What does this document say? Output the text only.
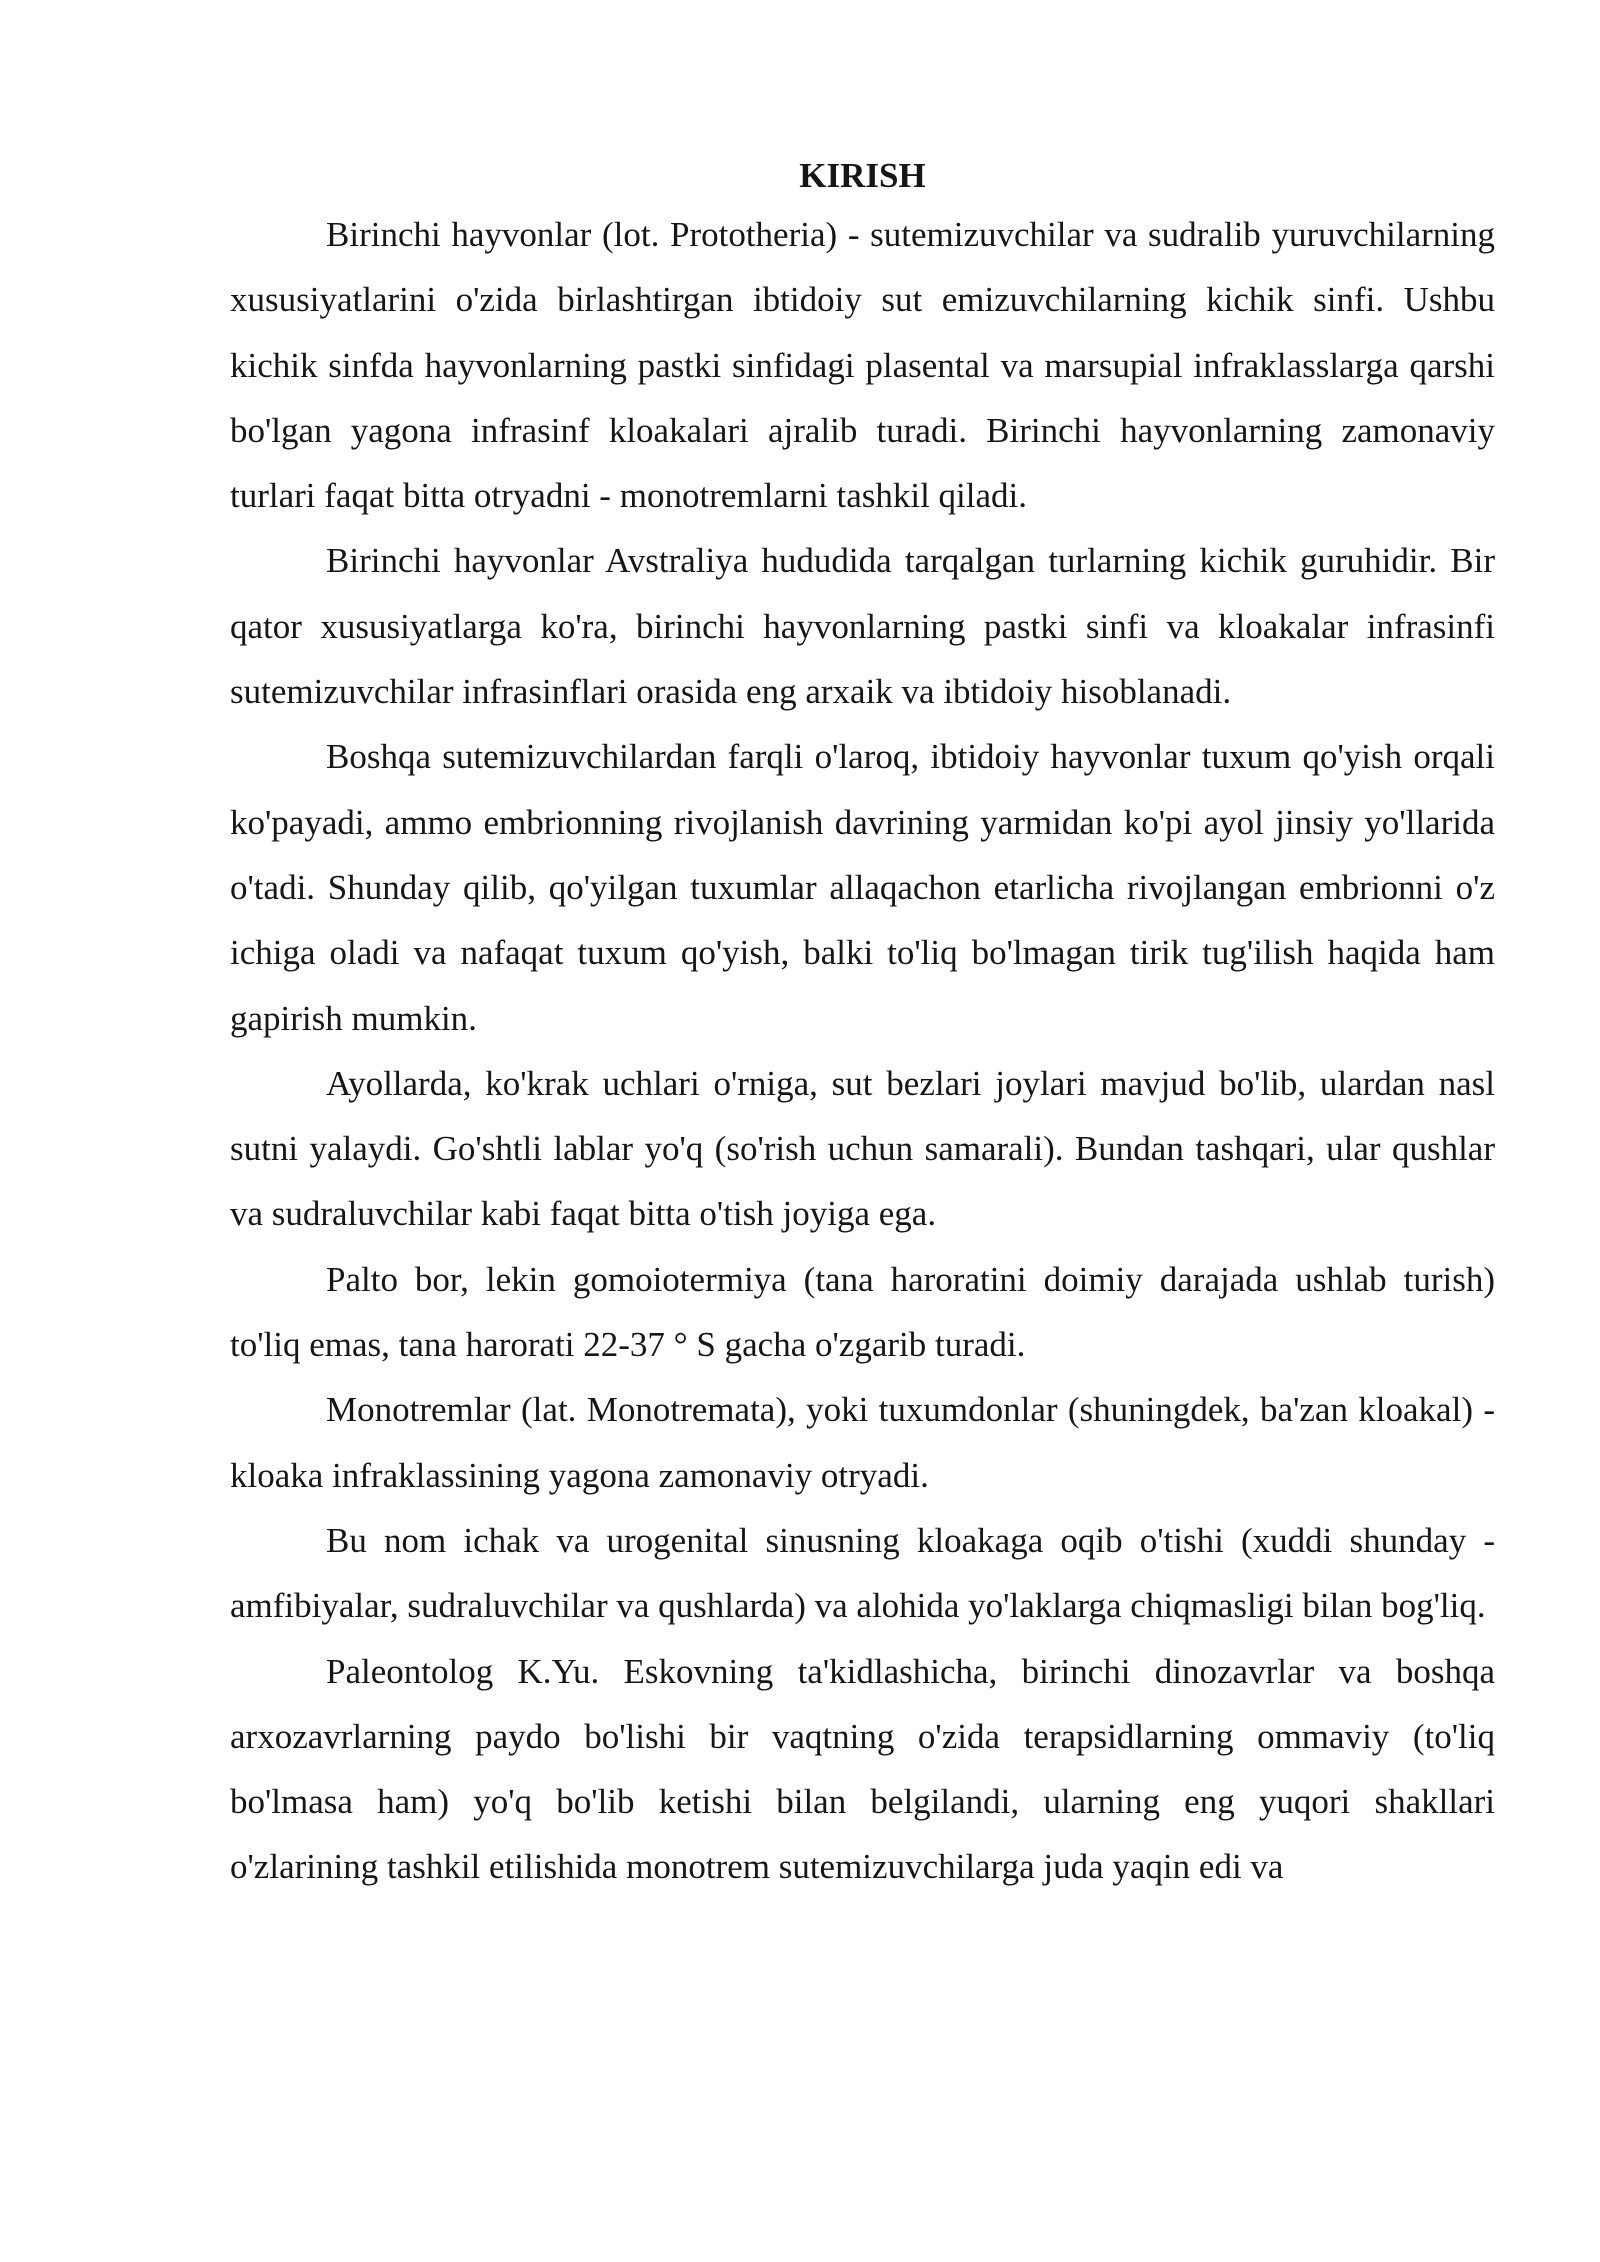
KIRISH

Birinchi hayvonlar (lot. Prototheria) - sutemizuvchilar va sudralib yuruvchilarning xususiyatlarini o'zida birlashtirgan ibtidoiy sut emizuvchilarning kichik sinfi. Ushbu kichik sinfda hayvonlarning pastki sinfidagi plasental va marsupial infraklasslarga qarshi bo'lgan yagona infrasinf kloakalari ajralib turadi. Birinchi hayvonlarning zamonaviy turlari faqat bitta otryadni - monotremlarni tashkil qiladi.

Birinchi hayvonlar Avstraliya hududida tarqalgan turlarning kichik guruhidir. Bir qator xususiyatlarga ko'ra, birinchi hayvonlarning pastki sinfi va kloakalar infrasinfi sutemizuvchilar infrasinflari orasida eng arxaik va ibtidoiy hisoblanadi.

Boshqa sutemizuvchilardan farqli o'laroq, ibtidoiy hayvonlar tuxum qo'yish orqali ko'payadi, ammo embrionning rivojlanish davrining yarmidan ko'pi ayol jinsiy yo'llarida o'tadi. Shunday qilib, qo'yilgan tuxumlar allaqachon etarlicha rivojlangan embrionni o'z ichiga oladi va nafaqat tuxum qo'yish, balki to'liq bo'lmagan tirik tug'ilish haqida ham gapirish mumkin.

Ayollarda, ko'krak uchlari o'rniga, sut bezlari joylari mavjud bo'lib, ulardan nasl sutni yalaydi. Go'shtli lablar yo'q (so'rish uchun samarali). Bundan tashqari, ular qushlar va sudraluvchilar kabi faqat bitta o'tish joyiga ega.

Palto bor, lekin gomoiotermiya (tana haroratini doimiy darajada ushlab turish) to'liq emas, tana harorati 22-37 ° S gacha o'zgarib turadi.

Monotremlar (lat. Monotremata), yoki tuxumdonlar (shuningdek, ba'zan kloakal) - kloaka infraklassining yagona zamonaviy otryadi.

Bu nom ichak va urogenital sinusning kloakaga oqib o'tishi (xuddi shunday - amfibiyalar, sudraluvchilar va qushlarda) va alohida yo'laklarga chiqmasligi bilan bog'liq.

Paleontolog K.Yu. Eskovning ta'kidlashicha, birinchi dinozavrlar va boshqa arxozavrlarning paydo bo'lishi bir vaqtning o'zida terapsidlarning ommaviy (to'liq bo'lmasa ham) yo'q bo'lib ketishi bilan belgilandi, ularning eng yuqori shakllari o'zlarining tashkil etilishida monotrem sutemizuvchilarga juda yaqin edi va
